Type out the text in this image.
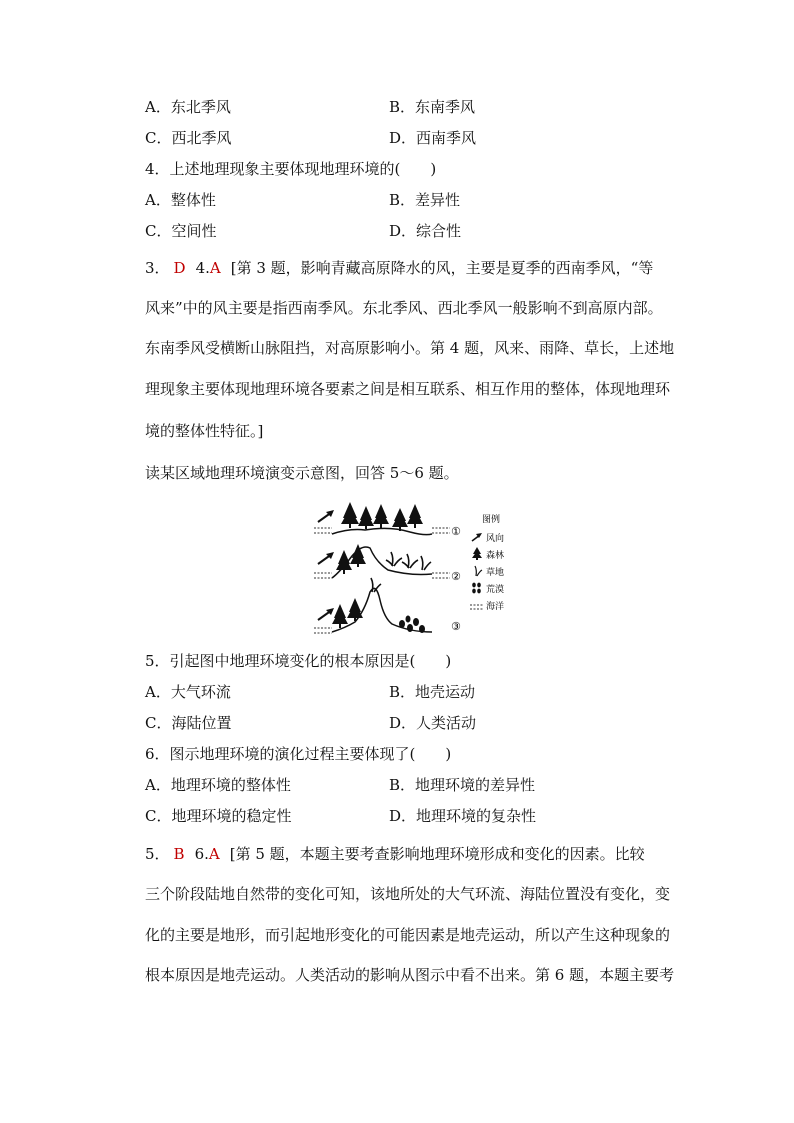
A．东北季风	B．东南季风
C．西北季风	D．西南季风
4．上述地理现象主要体现地理环境的(　　)
A．整体性	B．差异性
C．空间性	D．综合性
3． D 4.A [第 3 题，影响青藏高原降水的风，主要是夏季的西南季风，“等
风来”中的风主要是指西南季风。东北季风、西北季风一般影响不到高原内部。
东南季风受横断山脉阻挡，对高原影响小。第 4 题，风来、雨降、草长，上述地
理现象主要体现地理环境各要素之间是相互联系、相互作用的整体，体现地理环
境的整体性特征。]
读某区域地理环境演变示意图，回答 5～6 题。
①
②
③
图例
风向
森林
草地
荒漠
海洋
5．引起图中地理环境变化的根本原因是(　　)
A．大气环流	B．地壳运动
C．海陆位置	D．人类活动
6．图示地理环境的演化过程主要体现了(　　)
A．地理环境的整体性	B．地理环境的差异性
C．地理环境的稳定性	D．地理环境的复杂性
5． B 6.A [第 5 题，本题主要考查影响地理环境形成和变化的因素。比较
三个阶段陆地自然带的变化可知，该地所处的大气环流、海陆位置没有变化，变
化的主要是地形，而引起地形变化的可能因素是地壳运动，所以产生这种现象的
根本原因是地壳运动。人类活动的影响从图示中看不出来。第 6 题，本题主要考
